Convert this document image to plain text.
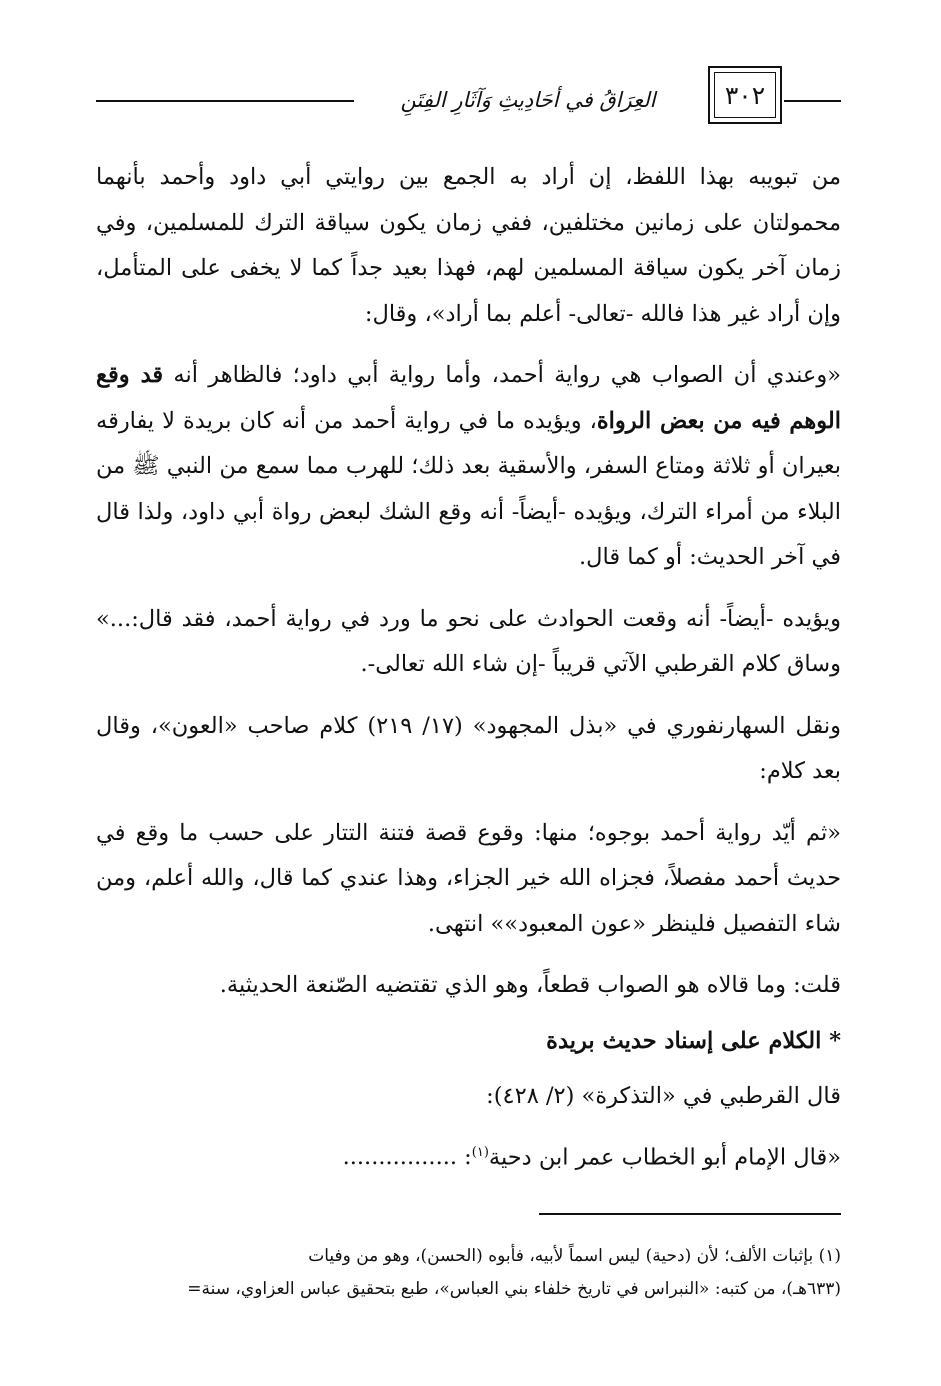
العِرَاقُ في أحَادِيثِ وَآثَارِ الفِتَنِ	٣٠٢

من تبويبه بهذا اللفظ، إن أراد به الجمع بين روايتي أبي داود وأحمد بأنهما محمولتان على زمانين مختلفين، ففي زمان يكون سياقة الترك للمسلمين، وفي زمان آخر يكون سياقة المسلمين لهم، فهذا بعيد جداً كما لا يخفى على المتأمل، وإن أراد غير هذا فالله -تعالى- أعلم بما أراد»، وقال:

«وعندي أن الصواب هي رواية أحمد، وأما رواية أبي داود؛ فالظاهر أنه قد وقع الوهم فيه من بعض الرواة، ويؤيده ما في رواية أحمد من أنه كان بريدة لا يفارقه بعيران أو ثلاثة ومتاع السفر، والأسقية بعد ذلك؛ للهرب مما سمع من النبي ﷺ من البلاء من أمراء الترك، ويؤيده -أيضاً- أنه وقع الشك لبعض رواة أبي داود، ولذا قال في آخر الحديث: أو كما قال.

ويؤيده -أيضاً- أنه وقعت الحوادث على نحو ما ورد في رواية أحمد، فقد قال:...» وساق كلام القرطبي الآتي قريباً -إن شاء الله تعالى-.

ونقل السهارنفوري في «بذل المجهود» (١٧/ ٢١٩) كلام صاحب «العون»، وقال بعد كلام:

«ثم أيّد رواية أحمد بوجوه؛ منها: وقوع قصة فتنة التتار على حسب ما وقع في حديث أحمد مفصلاً، فجزاه الله خير الجزاء، وهذا عندي كما قال، والله أعلم، ومن شاء التفصيل فلينظر «عون المعبود»» انتهى.

قلت: وما قالاه هو الصواب قطعاً، وهو الذي تقتضيه الصّنعة الحديثية.

* الكلام على إسناد حديث بريدة

قال القرطبي في «التذكرة» (٢/ ٤٢٨):

«قال الإمام أبو الخطاب عمر ابن دحية$^{(١)}$: ................

(١) بإثبات الألف؛ لأن (دحية) ليس اسماً لأبيه، فأبوه (الحسن)، وهو من وفيات
(٦٣٣هـ)، من كتبه: «النبراس في تاريخ خلفاء بني العباس»، طبع بتحقيق عباس العزاوي، سنة=
